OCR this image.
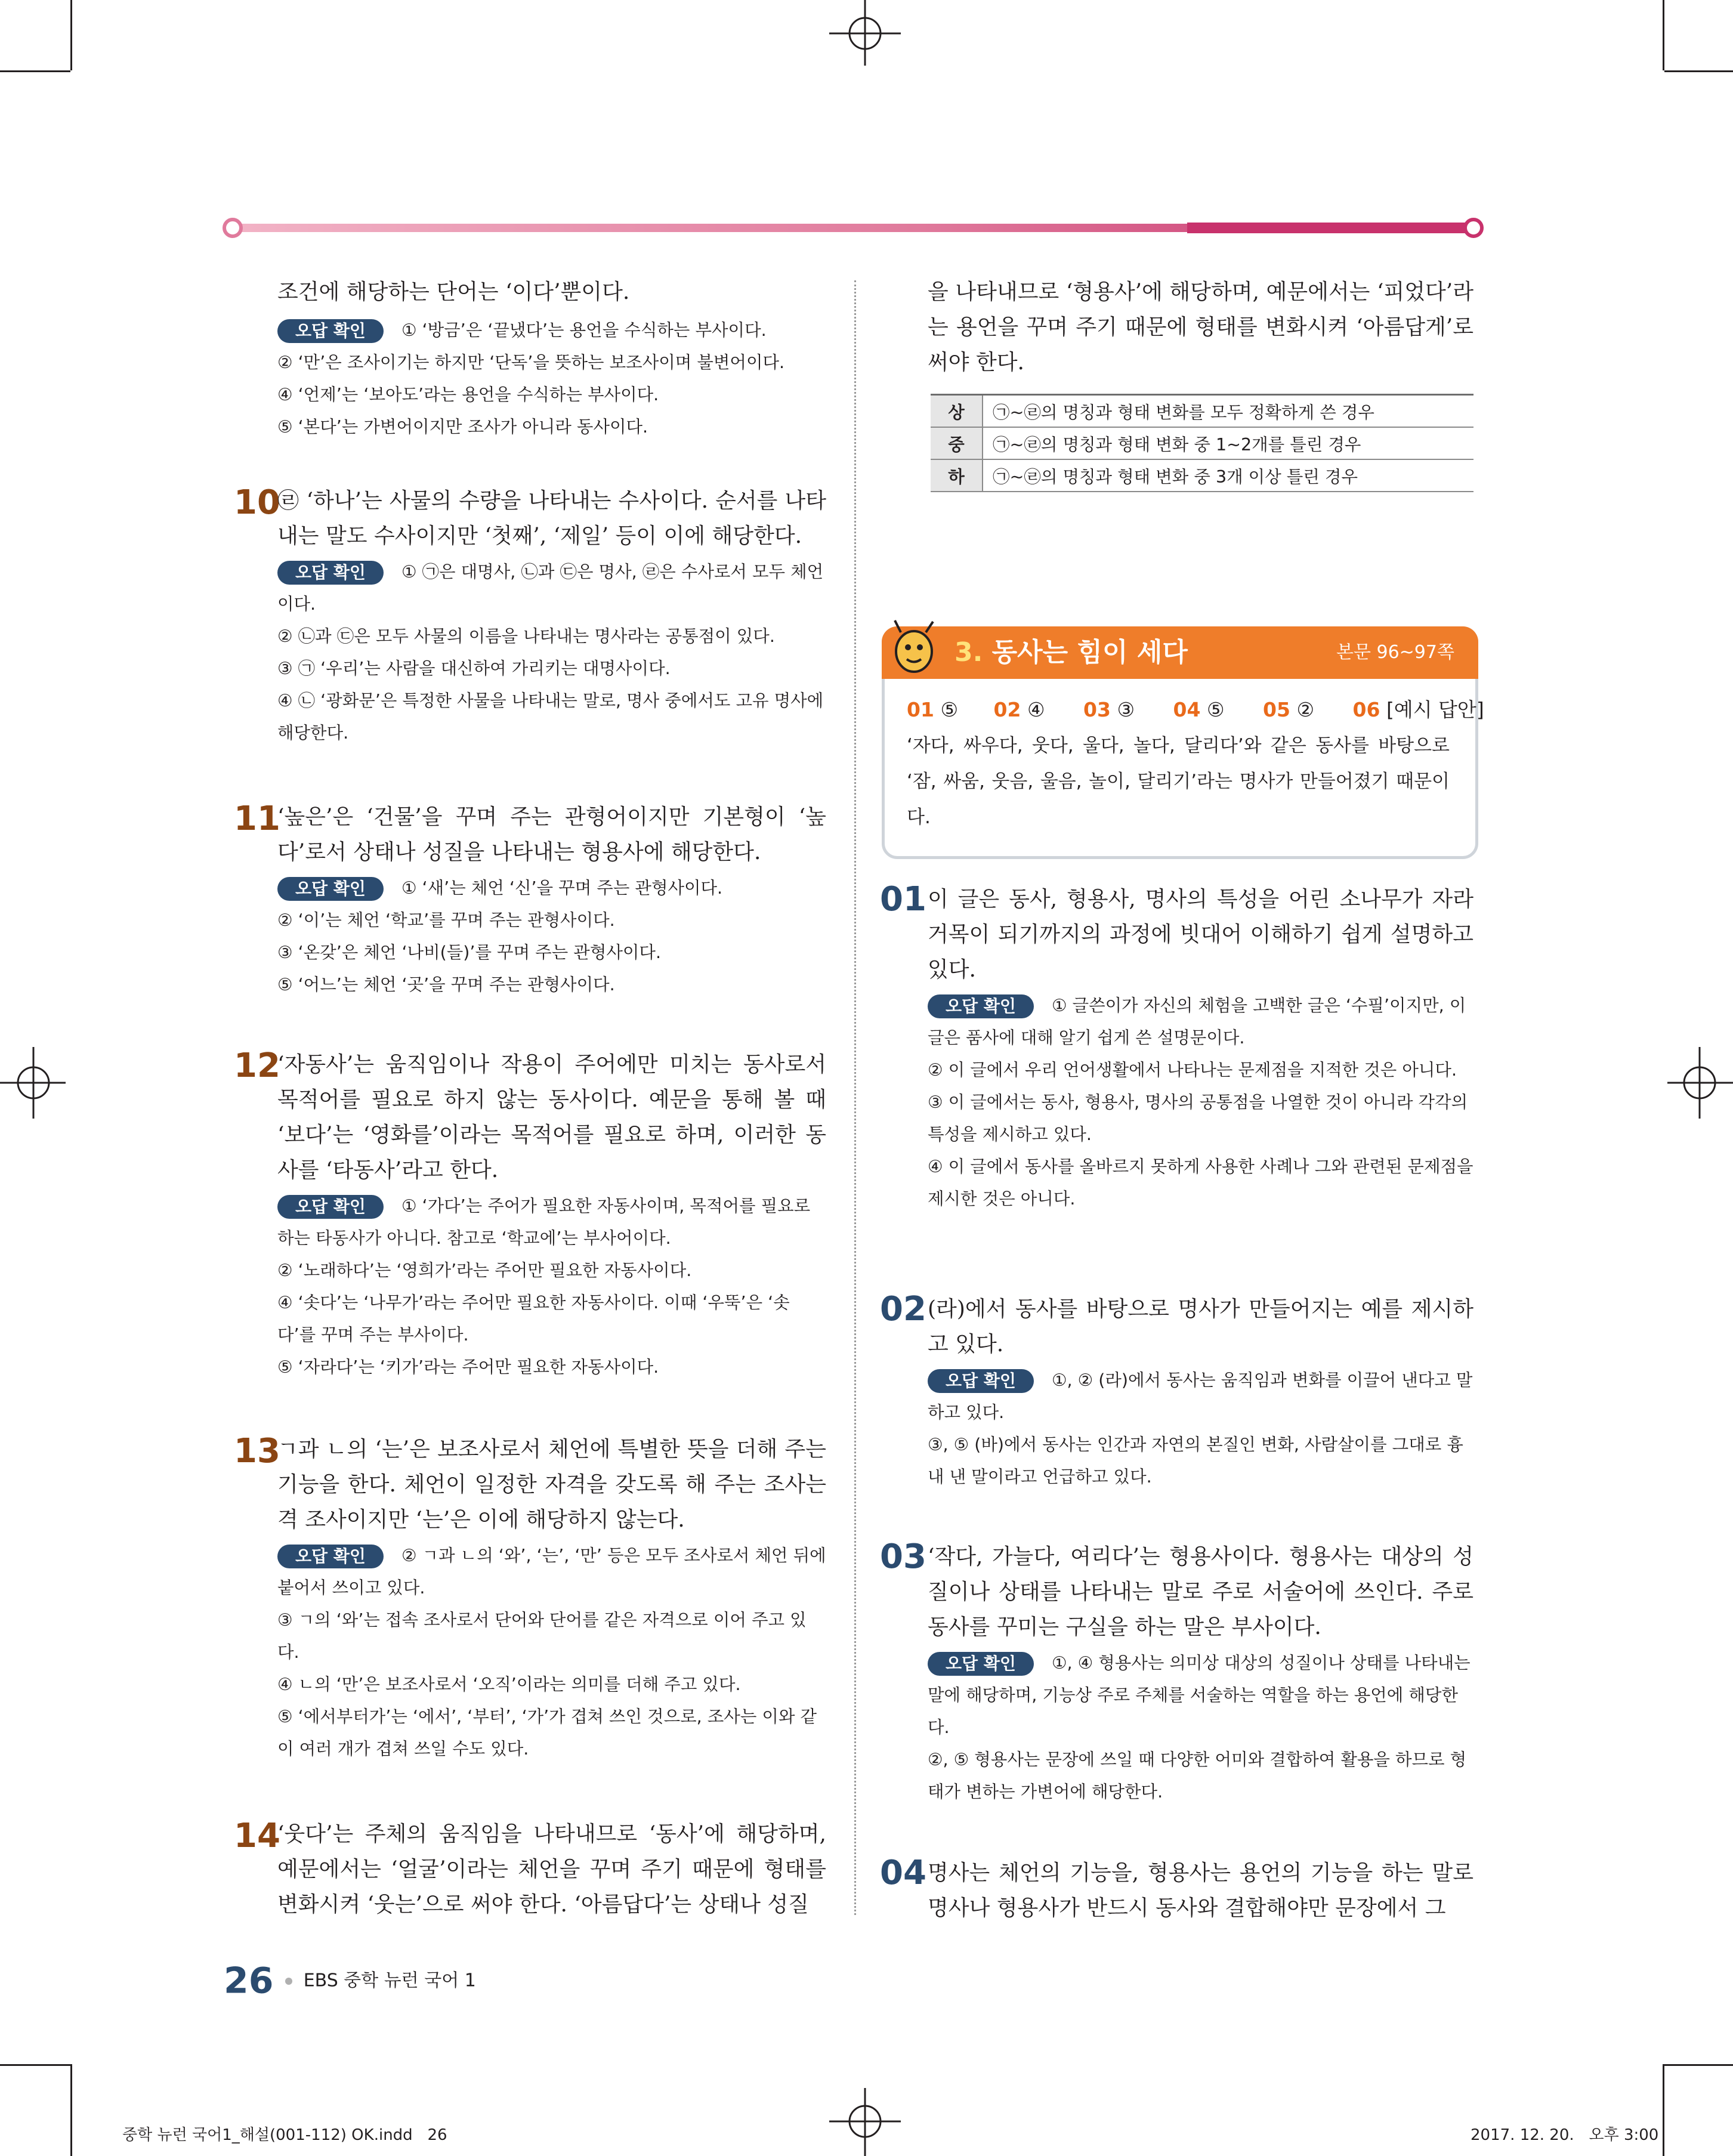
조건에 해당하는 단어는 ‘이다’뿐이다.

오답 확인 ① ‘방금’은 ‘끝냈다’는 용언을 수식하는 부사이다.
② ‘만’은 조사이기는 하지만 ‘단독’을 뜻하는 보조사이며 불변어이다.
④ ‘언제’는 ‘보아도’라는 용언을 수식하는 부사이다.
⑤ ‘본다’는 가변어이지만 조사가 아니라 동사이다.
10

㉣ ‘하나’는 사물의 수량을 나타내는 수사이다. 순서를 나타내는 말도 수사이지만 ‘첫째’, ‘제일’ 등이 이에 해당한다.

오답 확인 ① ㉠은 대명사, ㉡과 ㉢은 명사, ㉣은 수사로서 모두 체언이다.
② ㉡과 ㉢은 모두 사물의 이름을 나타내는 명사라는 공통점이 있다.
③ ㉠ ‘우리’는 사람을 대신하여 가리키는 대명사이다.
④ ㉡ ‘광화문’은 특정한 사물을 나타내는 말로, 명사 중에서도 고유 명사에 해당한다.
11

‘높은’은 ‘건물’을 꾸며 주는 관형어이지만 기본형이 ‘높다’로서 상태나 성질을 나타내는 형용사에 해당한다.

오답 확인 ① ‘새’는 체언 ‘신’을 꾸며 주는 관형사이다.
② ‘이’는 체언 ‘학교’를 꾸며 주는 관형사이다.
③ ‘온갖’은 체언 ‘나비(들)’를 꾸며 주는 관형사이다.
⑤ ‘어느’는 체언 ‘곳’을 꾸며 주는 관형사이다.
12

‘자동사’는 움직임이나 작용이 주어에만 미치는 동사로서 목적어를 필요로 하지 않는 동사이다. 예문을 통해 볼 때 ‘보다’는 ‘영화를’이라는 목적어를 필요로 하며, 이러한 동사를 ‘타동사’라고 한다.

오답 확인 ① ‘가다’는 주어가 필요한 자동사이며, 목적어를 필요로 하는 타동사가 아니다. 참고로 ‘학교에’는 부사어이다.
② ‘노래하다’는 ‘영희가’라는 주어만 필요한 자동사이다.
④ ‘솟다’는 ‘나무가’라는 주어만 필요한 자동사이다. 이때 ‘우뚝’은 ‘솟다’를 꾸며 주는 부사이다.
⑤ ‘자라다’는 ‘키가’라는 주어만 필요한 자동사이다.
13

ㄱ과 ㄴ의 ‘는’은 보조사로서 체언에 특별한 뜻을 더해 주는 기능을 한다. 체언이 일정한 자격을 갖도록 해 주는 조사는 격 조사이지만 ‘는’은 이에 해당하지 않는다.

오답 확인 ② ㄱ과 ㄴ의 ‘와’, ‘는’, ‘만’ 등은 모두 조사로서 체언 뒤에 붙어서 쓰이고 있다.
③ ㄱ의 ‘와’는 접속 조사로서 단어와 단어를 같은 자격으로 이어 주고 있다.
④ ㄴ의 ‘만’은 보조사로서 ‘오직’이라는 의미를 더해 주고 있다.
⑤ ‘에서부터가’는 ‘에서’, ‘부터’, ‘가’가 겹쳐 쓰인 것으로, 조사는 이와 같이 여러 개가 겹쳐 쓰일 수도 있다.
14

‘웃다’는 주체의 움직임을 나타내므로 ‘동사’에 해당하며, 예문에서는 ‘얼굴’이라는 체언을 꾸며 주기 때문에 형태를 변화시켜 ‘웃는’으로 써야 한다. ‘아름답다’는 상태나 성질

을 나타내므로 ‘형용사’에 해당하며, 예문에서는 ‘피었다’라는 용언을 꾸며 주기 때문에 형태를 변화시켜 ‘아름답게’로 써야 한다.

상	㉠~㉣의 명칭과 형태 변화를 모두 정확하게 쓴 경우
중	㉠~㉣의 명칭과 형태 변화 중 1~2개를 틀린 경우
하	㉠~㉣의 명칭과 형태 변화 중 3개 이상 틀린 경우
3. 동사는 힘이 세다	본문 96~97쪽
01 ⑤ 02 ④ 03 ③ 04 ⑤ 05 ② 06 [예시 답안]
‘자다, 싸우다, 웃다, 울다, 놀다, 달리다’와 같은 동사를 바탕으로 ‘잠, 싸움, 웃음, 울음, 놀이, 달리기’라는 명사가 만들어졌기 때문이다.
01 이 글은 동사, 형용사, 명사의 특성을 어린 소나무가 자라 거목이 되기까지의 과정에 빗대어 이해하기 쉽게 설명하고 있다.

오답 확인 ① 글쓴이가 자신의 체험을 고백한 글은 ‘수필’이지만, 이 글은 품사에 대해 알기 쉽게 쓴 설명문이다.
② 이 글에서 우리 언어생활에서 나타나는 문제점을 지적한 것은 아니다.
③ 이 글에서는 동사, 형용사, 명사의 공통점을 나열한 것이 아니라 각각의 특성을 제시하고 있다.
④ 이 글에서 동사를 올바르지 못하게 사용한 사례나 그와 관련된 문제점을 제시한 것은 아니다.
02 (라)에서 동사를 바탕으로 명사가 만들어지는 예를 제시하고 있다.

오답 확인 ①, ② (라)에서 동사는 움직임과 변화를 이끌어 낸다고 말하고 있다.
③, ⑤ (바)에서 동사는 인간과 자연의 본질인 변화, 사람살이를 그대로 흉내 낸 말이라고 언급하고 있다.
03 ‘작다, 가늘다, 여리다’는 형용사이다. 형용사는 대상의 성질이나 상태를 나타내는 말로 주로 서술어에 쓰인다. 주로 동사를 꾸미는 구실을 하는 말은 부사이다.

오답 확인 ①, ④ 형용사는 의미상 대상의 성질이나 상태를 나타내는 말에 해당하며, 기능상 주로 주체를 서술하는 역할을 하는 용언에 해당한다.
②, ⑤ 형용사는 문장에 쓰일 때 다양한 어미와 결합하여 활용을 하므로 형태가 변하는 가변어에 해당한다.
04 명사는 체언의 기능을, 형용사는 용언의 기능을 하는 말로 명사나 형용사가 반드시 동사와 결합해야만 문장에서 그

26 EBS 중학 뉴런 국어 1
중학 뉴런 국어1_해설(001-112) OK.indd   26	2017. 12. 20.   오후 3:00
